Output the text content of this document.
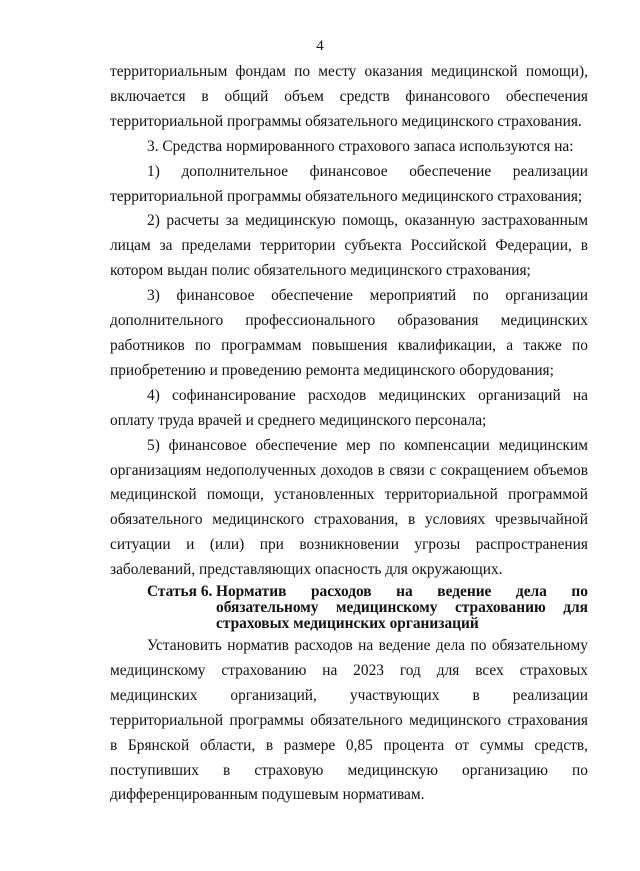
4

территориальным фондам по месту оказания медицинской помощи), включается в общий объем средств финансового обеспечения территориальной программы обязательного медицинского страхования.

3. Средства нормированного страхового запаса используются на:

1) дополнительное финансовое обеспечение реализации территориальной программы обязательного медицинского страхования;

2) расчеты за медицинскую помощь, оказанную застрахованным лицам за пределами территории субъекта Российской Федерации, в котором выдан полис обязательного медицинского страхования;

3) финансовое обеспечение мероприятий по организации дополнительного профессионального образования медицинских работников по программам повышения квалификации, а также по приобретению и проведению ремонта медицинского оборудования;

4) софинансирование расходов медицинских организаций на оплату труда врачей и среднего медицинского персонала;

5) финансовое обеспечение мер по компенсации медицинским организациям недополученных доходов в связи с сокращением объемов медицинской помощи, установленных территориальной программой обязательного медицинского страхования, в условиях чрезвычайной ситуации и (или) при возникновении угрозы распространения заболеваний, представляющих опасность для окружающих.

Статья 6. Норматив расходов на ведение дела по обязательному медицинскому страхованию для страховых медицинских организаций

Установить норматив расходов на ведение дела по обязательному медицинскому страхованию на 2023 год для всех страховых медицинских организаций, участвующих в реализации территориальной программы обязательного медицинского страхования в Брянской области, в размере 0,85 процента от суммы средств, поступивших в страховую медицинскую организацию по дифференцированным подушевым нормативам.
